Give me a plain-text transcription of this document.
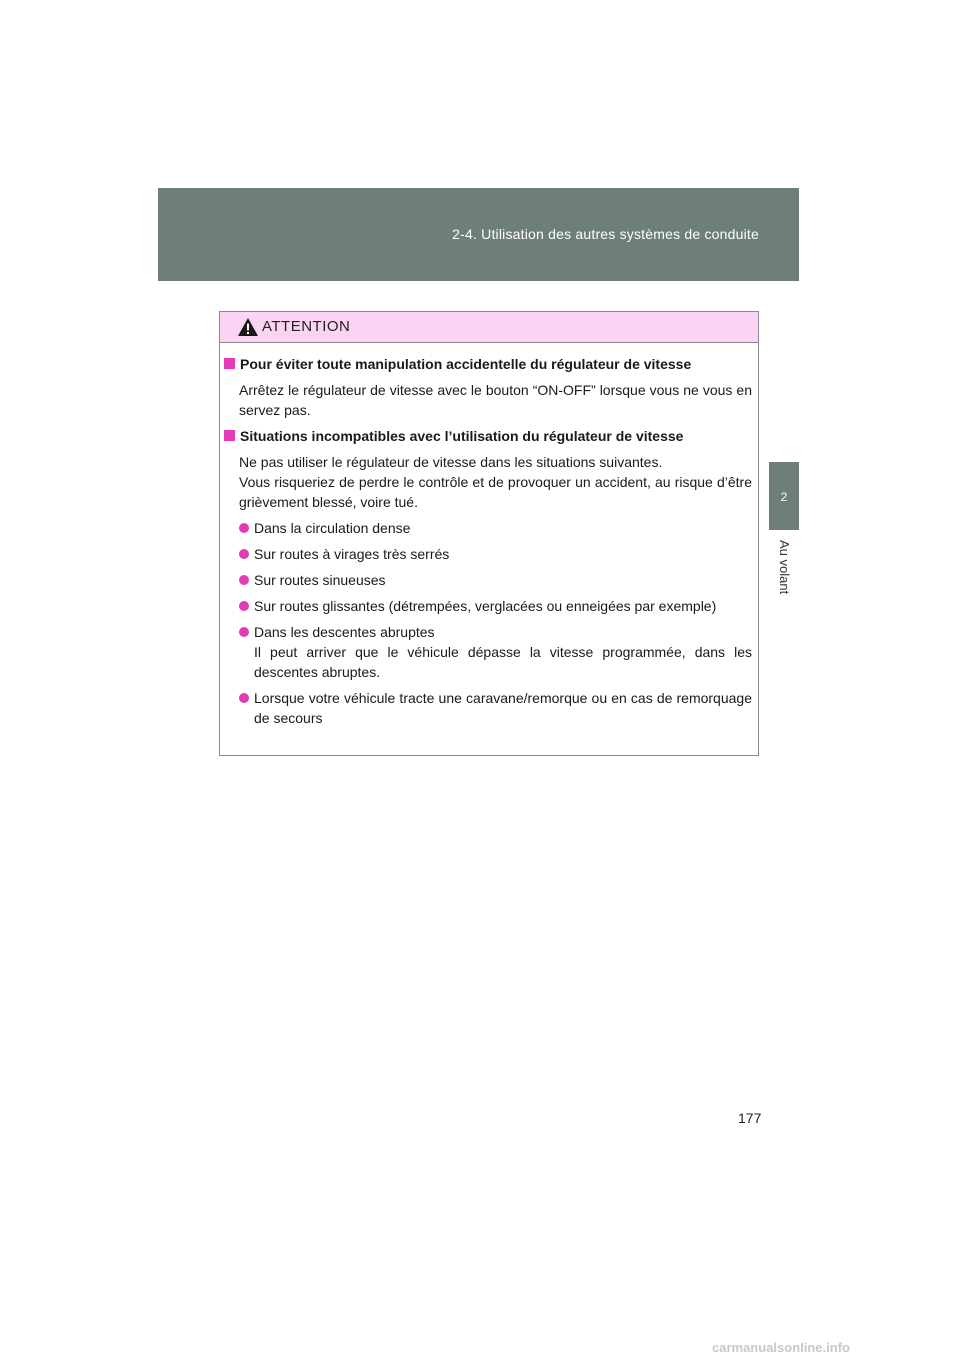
2-4. Utilisation des autres systèmes de conduite
2
Au volant
ATTENTION
Pour éviter toute manipulation accidentelle du régulateur de vitesse
Arrêtez le régulateur de vitesse avec le bouton “ON-OFF” lorsque vous ne vous en servez pas.
Situations incompatibles avec l’utilisation du régulateur de vitesse
Ne pas utiliser le régulateur de vitesse dans les situations suivantes.
Vous risqueriez de perdre le contrôle et de provoquer un accident, au risque d’être grièvement blessé, voire tué.
Dans la circulation dense
Sur routes à virages très serrés
Sur routes sinueuses
Sur routes glissantes (détrempées, verglacées ou enneigées par exemple)
Dans les descentes abruptes
Il peut arriver que le véhicule dépasse la vitesse programmée, dans les descentes abruptes.
Lorsque votre véhicule tracte une caravane/remorque ou en cas de remorquage de secours
177
carmanualsonline.info
